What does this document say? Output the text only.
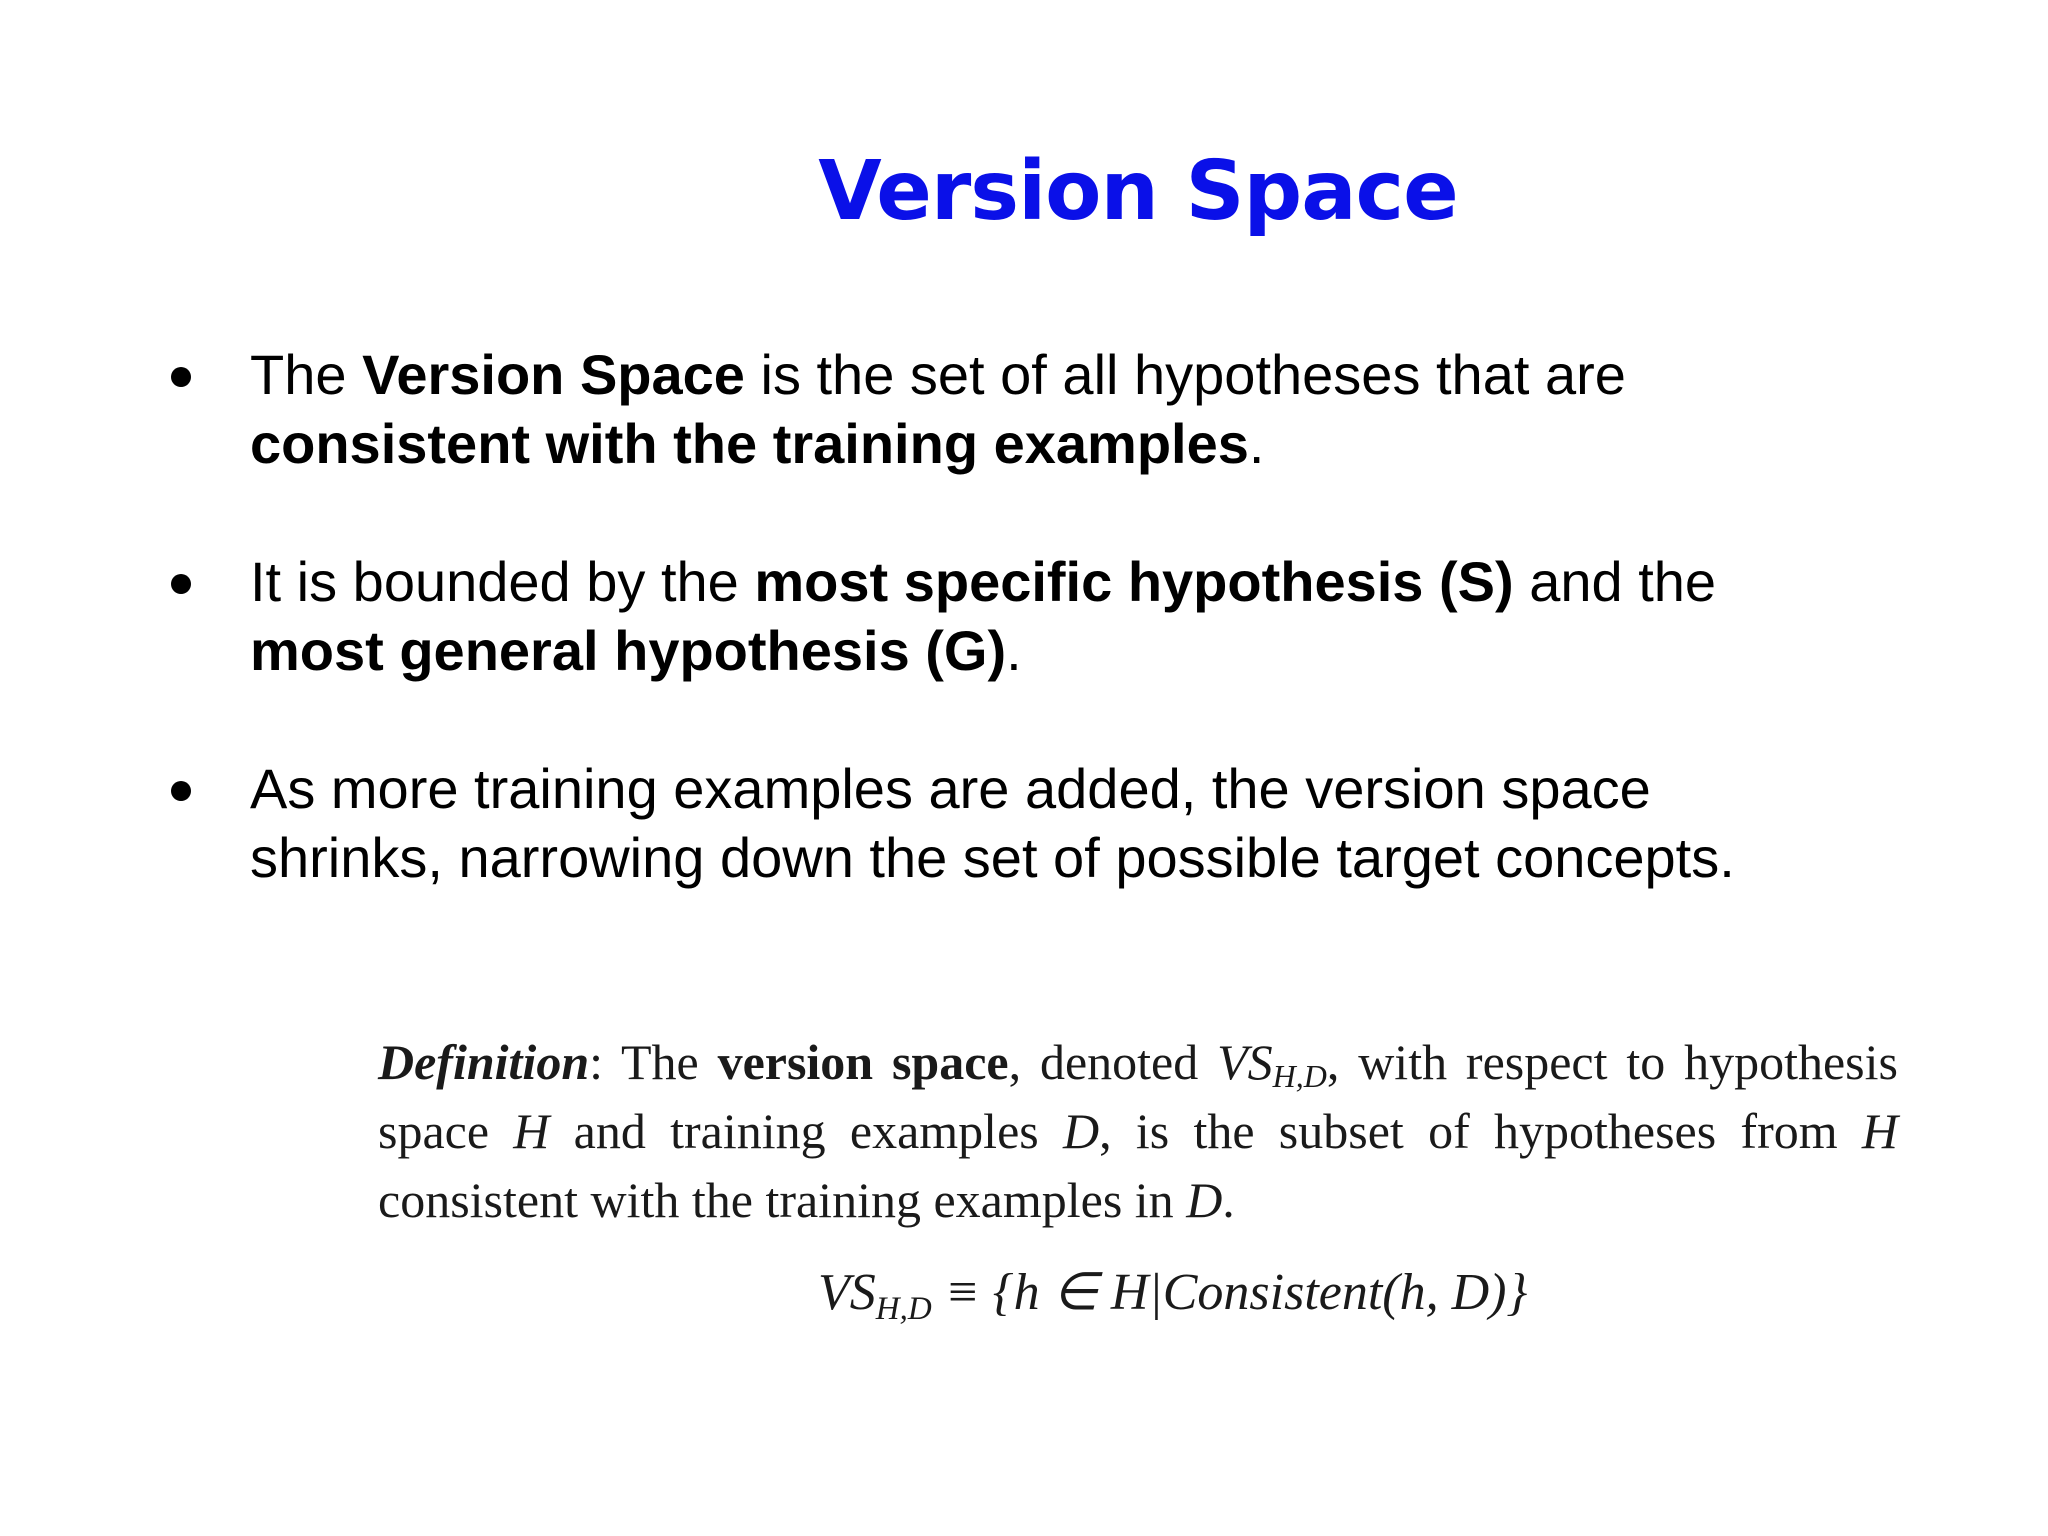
Version Space
The Version Space is the set of all hypotheses that are consistent with the training examples.
It is bounded by the most specific hypothesis (S) and the most general hypothesis (G).
As more training examples are added, the version space shrinks, narrowing down the set of possible target concepts.
Definition: The version space, denoted $VS_{H,D}$, with respect to hypothesis space H and training examples D, is the subset of hypotheses from H consistent with the training examples in D.
$VS_{H,D} \equiv \{h$ ∈ H|Consistent(h, D)}
